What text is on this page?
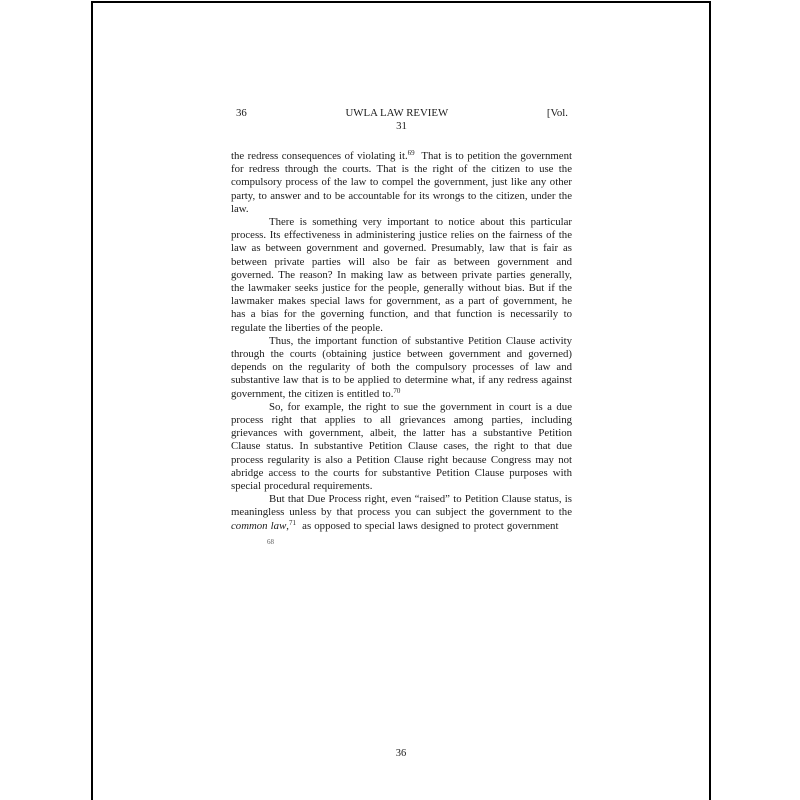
36	UWLA LAW REVIEW	[Vol.
31

the redress consequences of violating it.$^{69}$  That is to petition the government for redress through the courts. That is the right of the citizen to use the compulsory process of the law to compel the government, just like any other party, to answer and to be accountable for its wrongs to the citizen, under the law.

There is something very important to notice about this particular process. Its effectiveness in administering justice relies on the fairness of the law as between government and governed. Presumably, law that is fair as between private parties will also be fair as between government and governed. The reason? In making law as between private parties generally, the lawmaker seeks justice for the people, generally without bias. But if the lawmaker makes special laws for government, as a part of government, he has a bias for the governing function, and that function is necessarily to regulate the liberties of the people.

Thus, the important function of substantive Petition Clause activity through the courts (obtaining justice between government and governed) depends on the regularity of both the compulsory processes of law and substantive law that is to be applied to determine what, if any redress against government, the citizen is entitled to.$^{70}$

So, for example, the right to sue the government in court is a due process right that applies to all grievances among parties, including grievances with government, albeit, the latter has a substantive Petition Clause status. In substantive Petition Clause cases, the right to that due process regularity is also a Petition Clause right because Congress may not abridge access to the courts for substantive Petition Clause purposes with special procedural requirements.

But that Due Process right, even “raised” to Petition Clause status, is meaningless unless by that process you can subject the government to the common law,$^{71}$  as opposed to special laws designed to protect government

68
36
